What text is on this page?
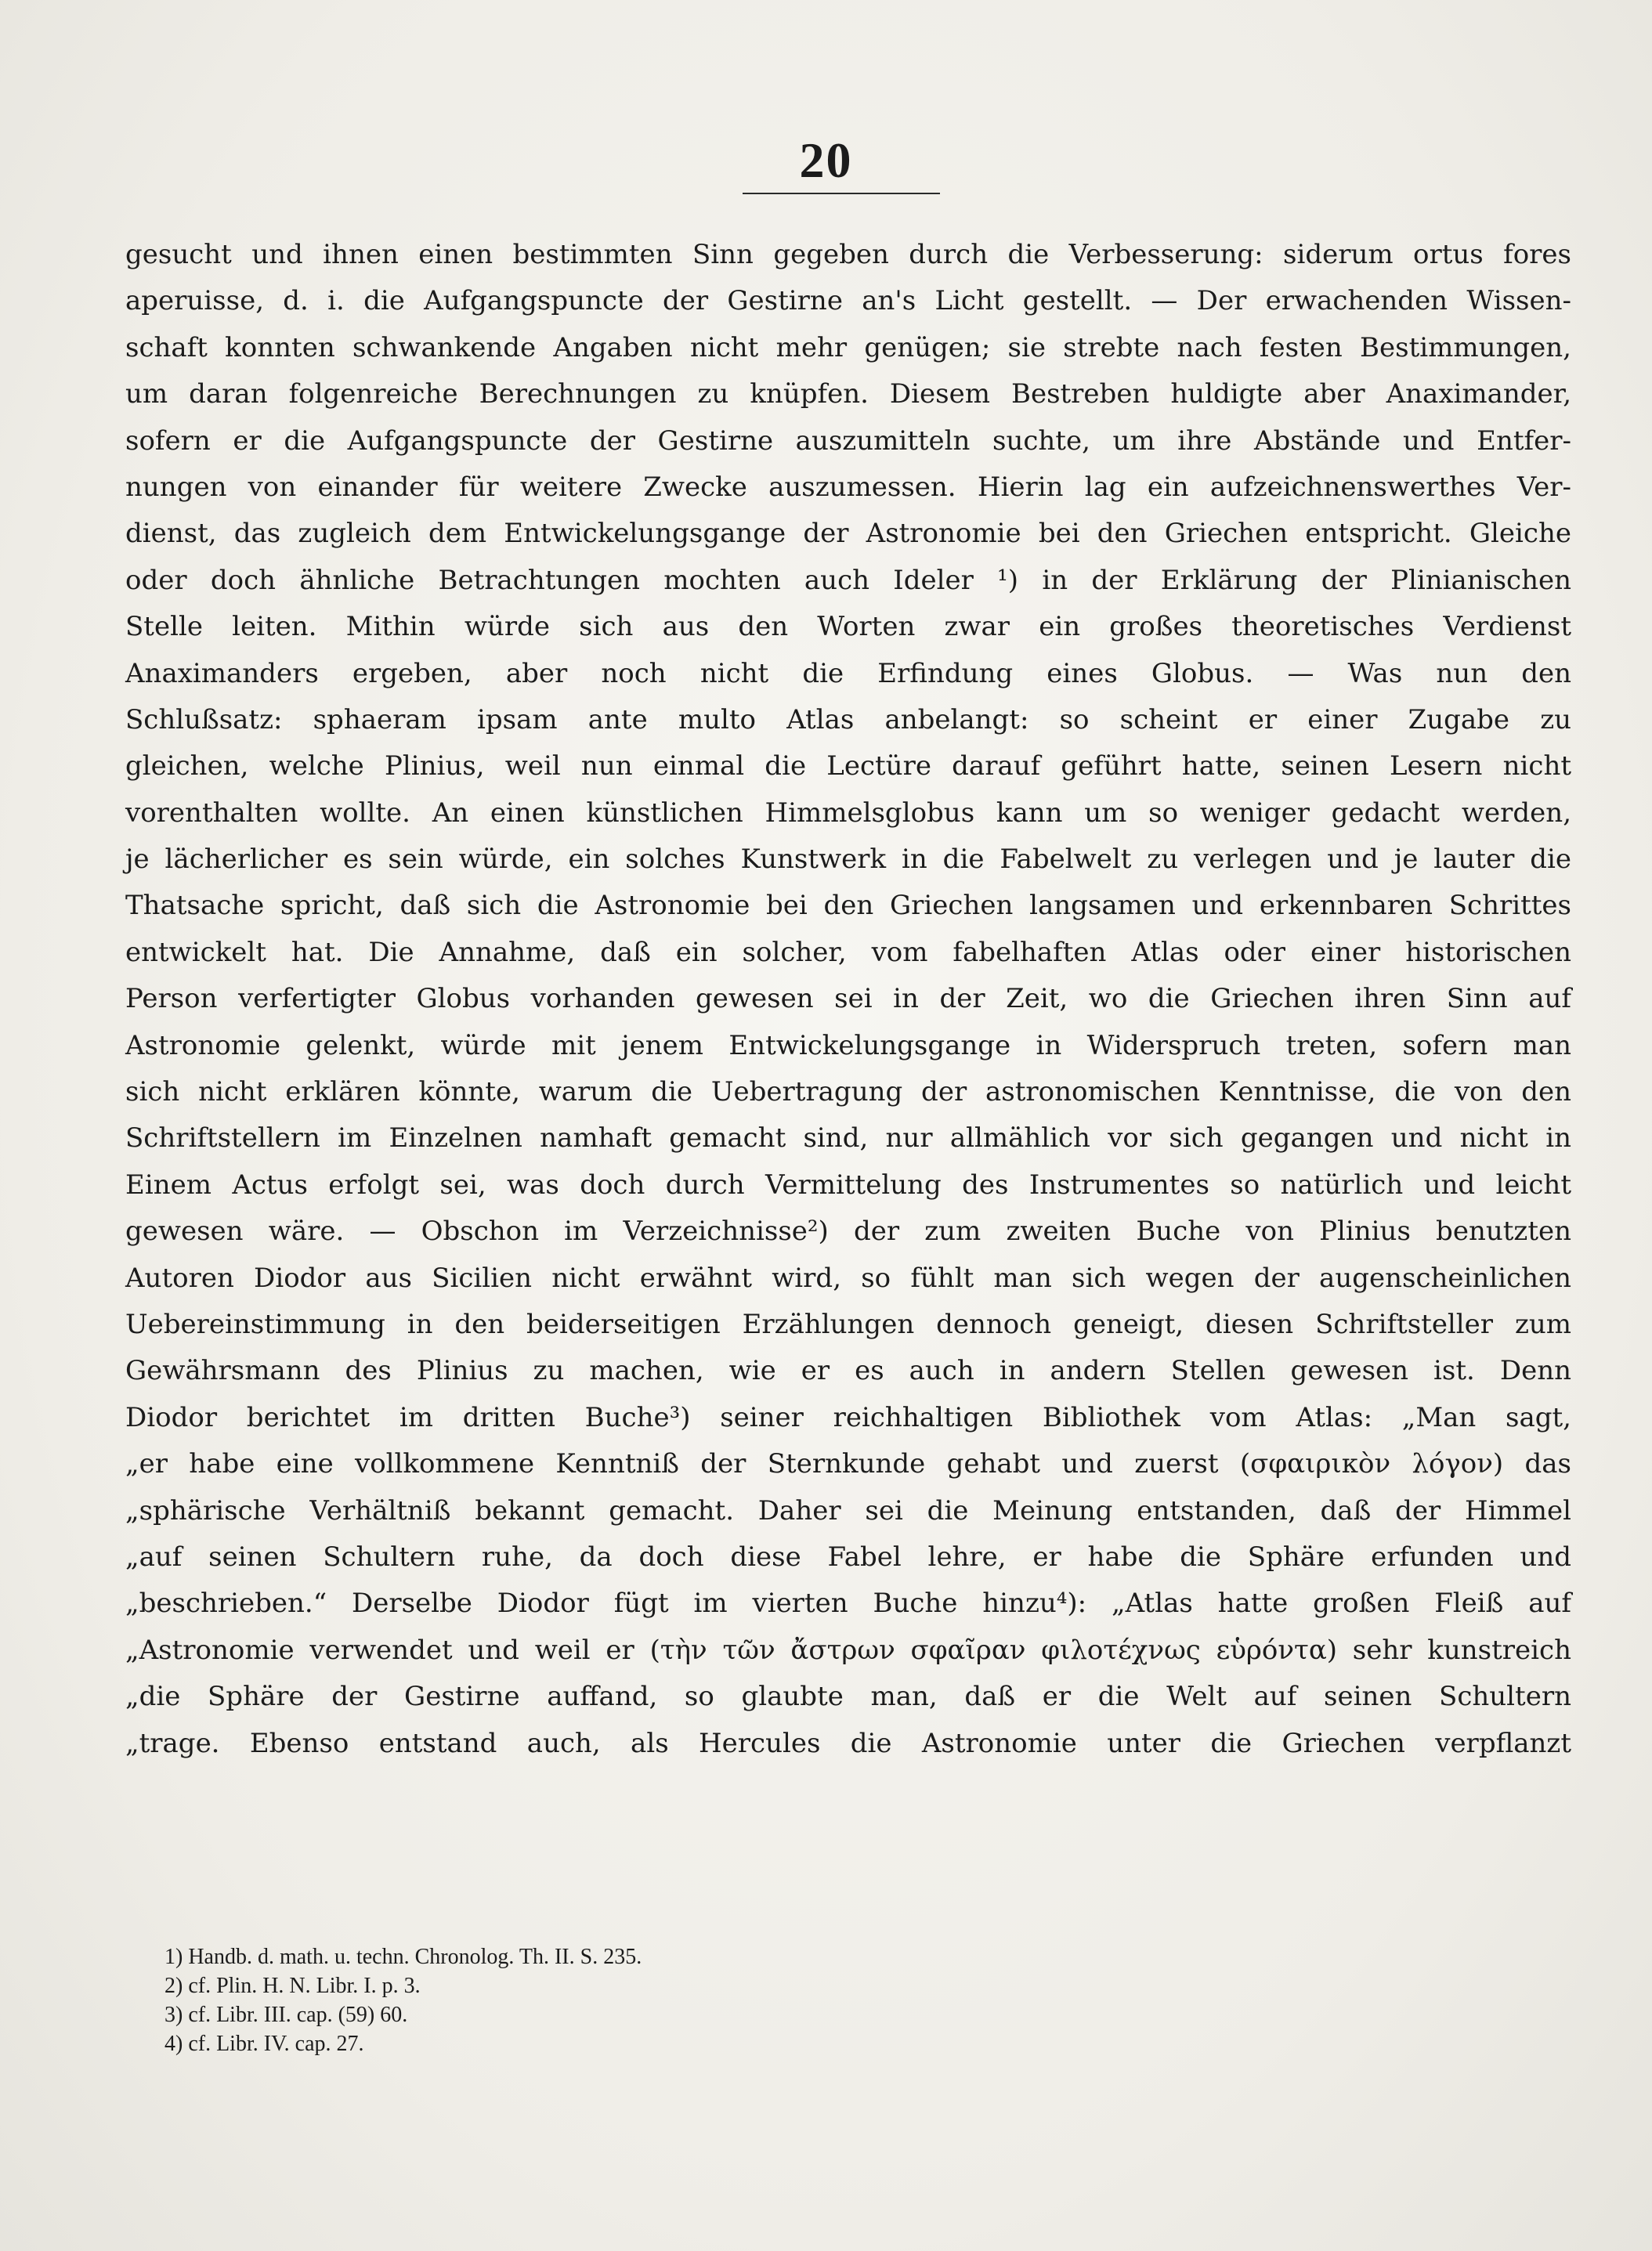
20
gesucht und ihnen einen bestimmten Sinn gegeben durch die Verbesserung: siderum ortus fores
aperuisse, d. i. die Aufgangspuncte der Gestirne an's Licht gestellt. — Der erwachenden Wissen-
schaft konnten schwankende Angaben nicht mehr genügen; sie strebte nach festen Bestimmungen,
um daran folgenreiche Berechnungen zu knüpfen. Diesem Bestreben huldigte aber Anaximander,
sofern er die Aufgangspuncte der Gestirne auszumitteln suchte, um ihre Abstände und Entfer-
nungen von einander für weitere Zwecke auszumessen. Hierin lag ein aufzeichnenswerthes Ver-
dienst, das zugleich dem Entwickelungsgange der Astronomie bei den Griechen entspricht. Gleiche
oder doch ähnliche Betrachtungen mochten auch Ideler ¹) in der Erklärung der Plinianischen
Stelle leiten. Mithin würde sich aus den Worten zwar ein großes theoretisches Verdienst
Anaximanders ergeben, aber noch nicht die Erfindung eines Globus. — Was nun den
Schlußsatz: sphaeram ipsam ante multo Atlas anbelangt: so scheint er einer Zugabe zu
gleichen, welche Plinius, weil nun einmal die Lectüre darauf geführt hatte, seinen Lesern nicht
vorenthalten wollte. An einen künstlichen Himmelsglobus kann um so weniger gedacht werden,
je lächerlicher es sein würde, ein solches Kunstwerk in die Fabelwelt zu verlegen und je lauter die
Thatsache spricht, daß sich die Astronomie bei den Griechen langsamen und erkennbaren Schrittes
entwickelt hat. Die Annahme, daß ein solcher, vom fabelhaften Atlas oder einer historischen
Person verfertigter Globus vorhanden gewesen sei in der Zeit, wo die Griechen ihren Sinn auf
Astronomie gelenkt, würde mit jenem Entwickelungsgange in Widerspruch treten, sofern man
sich nicht erklären könnte, warum die Uebertragung der astronomischen Kenntnisse, die von den
Schriftstellern im Einzelnen namhaft gemacht sind, nur allmählich vor sich gegangen und nicht in
Einem Actus erfolgt sei, was doch durch Vermittelung des Instrumentes so natürlich und leicht
gewesen wäre. — Obschon im Verzeichnisse²) der zum zweiten Buche von Plinius benutzten
Autoren Diodor aus Sicilien nicht erwähnt wird, so fühlt man sich wegen der augenscheinlichen
Uebereinstimmung in den beiderseitigen Erzählungen dennoch geneigt, diesen Schriftsteller zum
Gewährsmann des Plinius zu machen, wie er es auch in andern Stellen gewesen ist. Denn
Diodor berichtet im dritten Buche³) seiner reichhaltigen Bibliothek vom Atlas: „Man sagt,
„er habe eine vollkommene Kenntniß der Sternkunde gehabt und zuerst (σφαιρικὸν λόγον) das
„sphärische Verhältniß bekannt gemacht. Daher sei die Meinung entstanden, daß der Himmel
„auf seinen Schultern ruhe, da doch diese Fabel lehre, er habe die Sphäre erfunden und
„beschrieben.“ Derselbe Diodor fügt im vierten Buche hinzu⁴): „Atlas hatte großen Fleiß auf
„Astronomie verwendet und weil er (τὴν τῶν ἄστρων σφαῖραν φιλοτέχνως εὑρόντα) sehr kunstreich
„die Sphäre der Gestirne auffand, so glaubte man, daß er die Welt auf seinen Schultern
„trage. Ebenso entstand auch, als Hercules die Astronomie unter die Griechen verpflanzt
1) Handb. d. math. u. techn. Chronolog. Th. II. S. 235.
2) cf. Plin. H. N. Libr. I. p. 3.
3) cf. Libr. III. cap. (59) 60.
4) cf. Libr. IV. cap. 27.
